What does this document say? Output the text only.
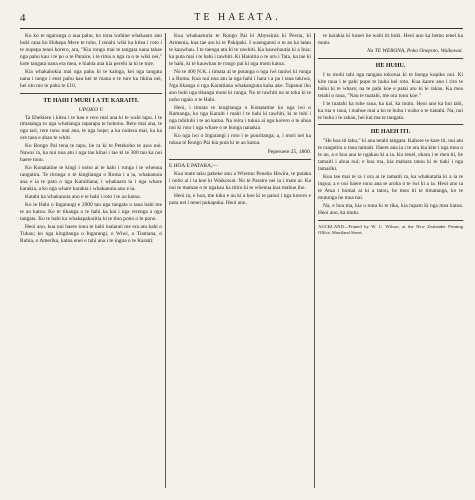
4	TE HAEATA.

Ko ko te ngaronga o aua pahu, ko tona wahine whakaaro ano hoki raua ko Hohepa Mere te tohu. I tenahi wiki ka kitea i roto i te nupepa tenei korero, ara, "Kia rongo mai te tangata nana tahae nga pahu kau i te po o te Paraire, i te rima o nga ra o te wiki nei," kote tangata nana era mea, e hiahia ana kia perehi ia ki te ture.

Kia whakahokia mai nga pahu ki te kainga, kei nga tangata nana i tango i enei pahu kau kei te mana o te ture ka tikina nei, hei utu mo te pahu te £10.

TE HAIH I MURI I A TE KARAITI.
UPOKO V.

Ta Ehekiere i kitea i te hau e rere mai ana ki te wahi tapu. I te timatanga to nga whatianga raparapa te hohonu. Rere mai ana, te nga tari, rere tonu mai ana, te nga hope; a ka nuitera mai, ka ka ore taea e ahau te whiti.

Ko Rongo Pai tena te tapu, he ra ki te Petekoho te awa nui. Nawai ra, ka nui noa atu i nga tau kihai i tae ki te 300 tau ka nui haere tonu.

Ko Konatatine te kingi i noho ai te hahi i runga i te whenua rangatira. Te rironga o te kingitanga o Roma i a ia, whakanuia ana e ia te pato o nga Karaitiana; i whakaara ia i nga whare karakia, a ko nga whare karakia i whakanuia ano e ia.

Katahi ka whakanuia ano e te hahi i roto i te ao katoa.

Ko te Hahi o Ingarangi e 2000 tau nga tangata o taua hahi me te ao katoa. Ko te tikanga o te hahi ka kai i nga rerenga a nga tangata. Ko te hahi ka whakapakaritia ki te tino pono o te pono.

Heoi ano, kua nui haere tonu te hahi inaianei me era atu hahi o Tuhau; ko nga kingitanga o Ingarangi, o Wiwi, o Tiamana, o Ruhia, o Amerika, katoa enei e tuhi ana i te ingoa o te Karaiti.

Kua whakaaturia te Rongo Pai ki Abyssinia ki Persia, ki Armenia, kua tae atu ki te Pakipaki. I waenganui o te ao ka tatau te kauwhau. I te taenga atu ki te rawhiti. Ka kauwhautia ki a Inia; ka puta mai i te hahi i tawhiti. Ki Hainitia o te uru i Tata, ka tae ki te hahi, ki te kauwhau te rongo pai ki nga motu katoa.

No te 400 N.K. i timata ai te potanga o nga iwi tauiwi ki runga i a Roma. Kua nui noa atu ia nga hahi i hara i a pa i taua takiwa, Nga tikanga o nga Karaitiana whakanguna kaha ake. Tapanui iho ano hoki nga tikanga moni ki runga. No te rawhiti no te toka ki te noho ngaio o te Hahi.

Heoi, i timata te kingitanga o Konatatine ko nga iwi o Kamanga, ko nga Karaiti i mahi i te hahi ki tawhiti, ki te tuhi i nga tuhituhi i te ao katoa. Na reira i tukua ai nga korero o te ahua nui ki roto i nga whare o te hunga nanakia.

Ko nga iwi o Ingarangi i roto i te pouritanga; a, i muri nei ka tukua te Rongo Pai kia puta ki te ao katoa.

Peperuere 25, 1860.

E HOA E PATARA,—

Kua mate taku pakeke ano a Wiremu Peneha Hiwira, te potaka i noho ai i ta koe ki Waikowai. No te Paraire nei ia i mate ai. Ka nui te mamae o te ngakau ka titiro ki te whenua kua mahue iho.

Heoi ra, e hoa, me tuku e au ki a koe ki te panui i nga korero e puta nei i tenei pukapuka. Heoi ano.

te karakia ki konei he wahi iti hoki. Heoi ano ka hemo tenei ka mutu.

Na TE WERONA, Poka Onepoto, Waikowai.

HE HUHU.

I te mohi tahi nga tangata tokorua ki te hunga kopiko nui. Ki kite raua i te pahi popo te huhu kei roto. Kua kaore ano i riro te huhu ki te whare; na te pahi koe e patai atu ki te rakau. Ka mea tetahi o raua, "Nau te tuatahi, me ora tonu koe."

I te tuatahi ka tohe raua, ka kai, ka mutu. Heoi ano ka hui tahi, ka rua o raua, i mahue mai a ko te huhu i waho o te tuatahi. Na, nui te huhu i te rakau, hei kai ma te tangata.

HE HAEH ITI.

"He hoa iti taku," ki ana tetahi tangata. Kahore te kare iti, nui atu te rangatira o taua tamaiti. Haere ana ia i te ara kia kite i nga mea o te ao, a e koa ana te ngakau ki a ia. Ko tenei, ehara i te mea iti, he tamaiti i ahua nui; e hoa ma, kia mahara tatou ki te tiaki i nga tamariki.

Kua tae mai te ra i ora ai te tamaiti ra, ka whakatatia ki a ia te ingoa; a e nui haere tonu ana te aroha o te iwi ki a ia. Heoi ano ta te Atua i homai ai ki a tatou, he mea iti te timatanga, ko te mutunga he mea nui.

Na, e hoa ma, kia u tonu ki te tika, kia tupato ki nga mea katoa. Heoi ano, ka mutu.

AUCKLAND—Printed by W. C. Wilson, at the New Zealander Printing Office, Shortland Street.
